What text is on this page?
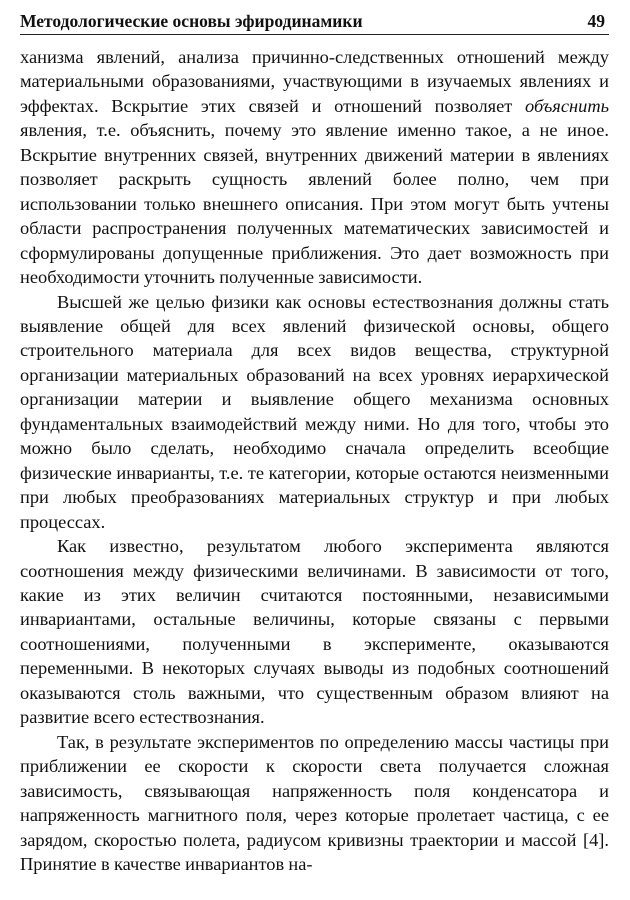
Методологические основы эфиродинамики	49

ханизма явлений, анализа причинно-следственных отношений между материальными образованиями, участвующими в изучаемых явлениях и эффектах. Вскрытие этих связей и отношений позволяет объяснить явления, т.е. объяснить, почему это явление именно такое, а не иное. Вскрытие внутренних связей, внутренних движений материи в явлениях позволяет раскрыть сущность явлений более полно, чем при использовании только внешнего описания. При этом могут быть учтены области распространения полученных математических зависимостей и сформулированы допущенные приближения. Это дает возможность при необходимости уточнить полученные зависимости.

Высшей же целью физики как основы естествознания должны стать выявление общей для всех явлений физической основы, общего строительного материала для всех видов вещества, структурной организации материальных образований на всех уровнях иерархической организации материи и выявление общего механизма основных фундаментальных взаимодействий между ними. Но для того, чтобы это можно было сделать, необходимо сначала определить всеобщие физические инварианты, т.е. те категории, которые остаются неизменными при любых преобразованиях материальных структур и при любых процессах.

Как известно, результатом любого эксперимента являются соотношения между физическими величинами. В зависимости от того, какие из этих величин считаются постоянными, независимыми инвариантами, остальные величины, которые связаны с первыми соотношениями, полученными в эксперименте, оказываются переменными. В некоторых случаях выводы из подобных соотношений оказываются столь важными, что существенным образом влияют на развитие всего естествознания.

Так, в результате экспериментов по определению массы частицы при приближении ее скорости к скорости света получается сложная зависимость, связывающая напряженность поля конденсатора и напряженность магнитного поля, через которые пролетает частица, с ее зарядом, скоростью полета, радиусом кривизны траектории и массой [4]. Принятие в качестве инвариантов на-
